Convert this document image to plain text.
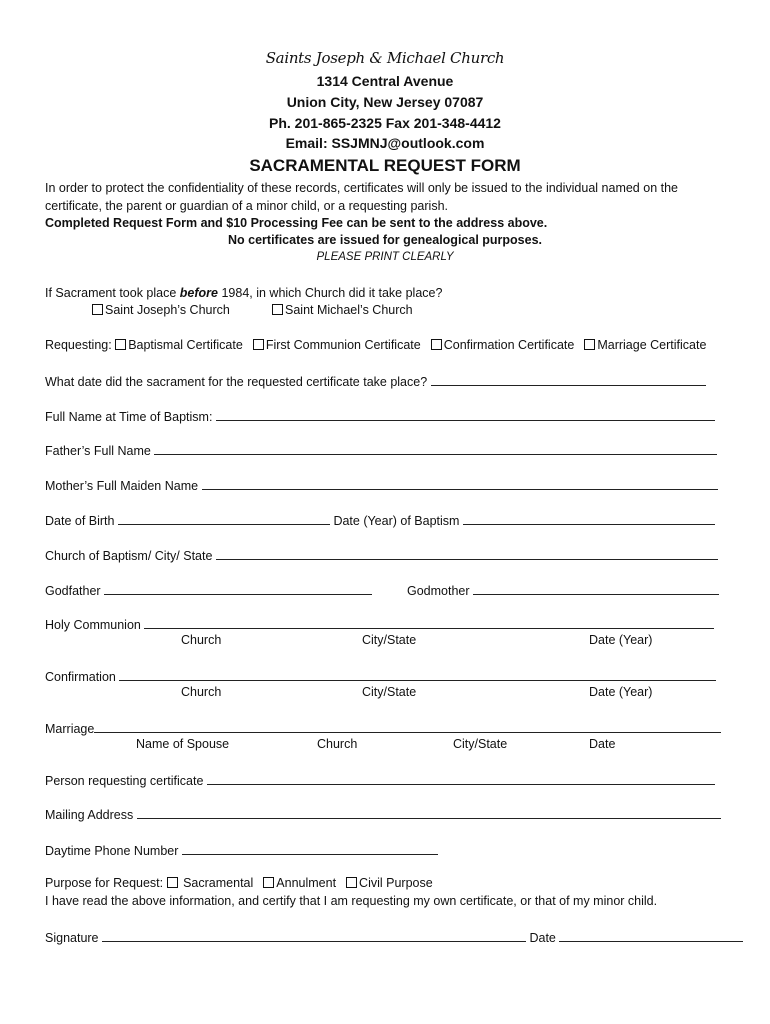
Saints Joseph & Michael Church
1314 Central Avenue
Union City, New Jersey 07087
Ph. 201-865-2325 Fax 201-348-4412
Email: SSJMNJ@outlook.com
SACRAMENTAL REQUEST FORM
In order to protect the confidentiality of these records, certificates will only be issued to the individual named on the
certificate, the parent or guardian of a minor child, or a requesting parish.
Completed Request Form and $10 Processing Fee can be sent to the address above.
No certificates are issued for genealogical purposes.
PLEASE PRINT CLEARLY
If Sacrament took place before 1984, in which Church did it take place?
Saint Joseph’s Church	Saint Michael’s Church
Requesting: Baptismal Certificate First Communion Certificate Confirmation Certificate Marriage Certificate
What date did the sacrament for the requested certificate take place?
Full Name at Time of Baptism:
Father’s Full Name
Mother’s Full Maiden Name
Date of Birth	Date (Year) of Baptism
Church of Baptism/ City/ State
Godfather	Godmother
Holy Communion
Church	City/State	Date (Year)
Confirmation
Church	City/State	Date (Year)
Marriage
Name of Spouse	Church	City/State	Date
Person requesting certificate
Mailing Address
Daytime Phone Number
Purpose for Request:  Sacramental Annulment Civil Purpose
I have read the above information, and certify that I am requesting my own certificate, or that of my minor child.
Signature	Date
